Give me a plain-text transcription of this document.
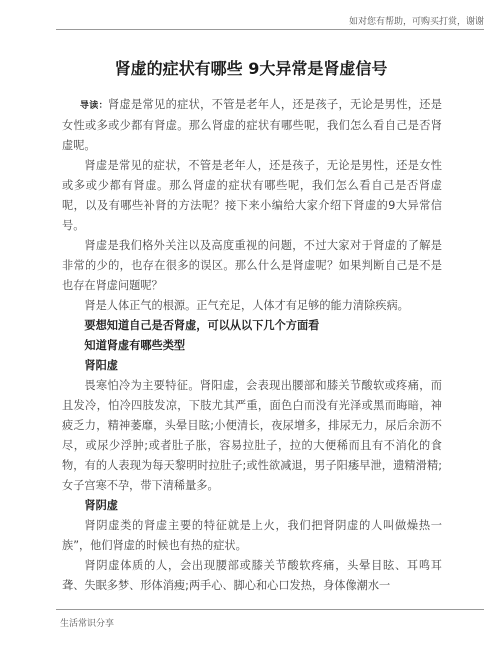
如对您有帮助，可购买打赏，谢谢
肾虚的症状有哪些 9大异常是肾虚信号

导读：肾虚是常见的症状，不管是老年人，还是孩子，无论是男性，还是女性或多或少都有肾虚。那么肾虚的症状有哪些呢，我们怎么看自己是否肾虚呢。

肾虚是常见的症状，不管是老年人，还是孩子，无论是男性，还是女性或多或少都有肾虚。那么肾虚的症状有哪些呢，我们怎么看自己是否肾虚呢，以及有哪些补肾的方法呢？接下来小编给大家介绍下肾虚的9大异常信号。

肾虚是我们格外关注以及高度重视的问题，不过大家对于肾虚的了解是非常的少的，也存在很多的误区。那么什么是肾虚呢？如果判断自己是不是也存在肾虚问题呢？

肾是人体正气的根源。正气充足，人体才有足够的能力清除疾病。

要想知道自己是否肾虚，可以从以下几个方面看

知道肾虚有哪些类型

肾阳虚

畏寒怕冷为主要特征。肾阳虚，会表现出腰部和膝关节酸软或疼痛，而且发冷，怕冷四肢发凉，下肢尤其严重，面色白而没有光泽或黑而晦暗，神疲乏力，精神萎靡，头晕目眩;小便清长，夜尿增多，排尿无力，尿后余沥不尽，或尿少浮肿;或者肚子胀，容易拉肚子，拉的大便稀而且有不消化的食物，有的人表现为每天黎明时拉肚子;或性欲减退，男子阳痿早泄，遗精滑精;女子宫寒不孕，带下清稀量多。

肾阴虚

肾阴虚类的肾虚主要的特征就是上火，我们把肾阴虚的人叫做燥热一族”，他们肾虚的时候也有热的症状。

肾阴虚体质的人，会出现腰部或膝关节酸软疼痛，头晕目眩、耳鸣耳聋、失眠多梦、形体消瘦;两手心、脚心和心口发热，身体像潮水一

生活常识分享
